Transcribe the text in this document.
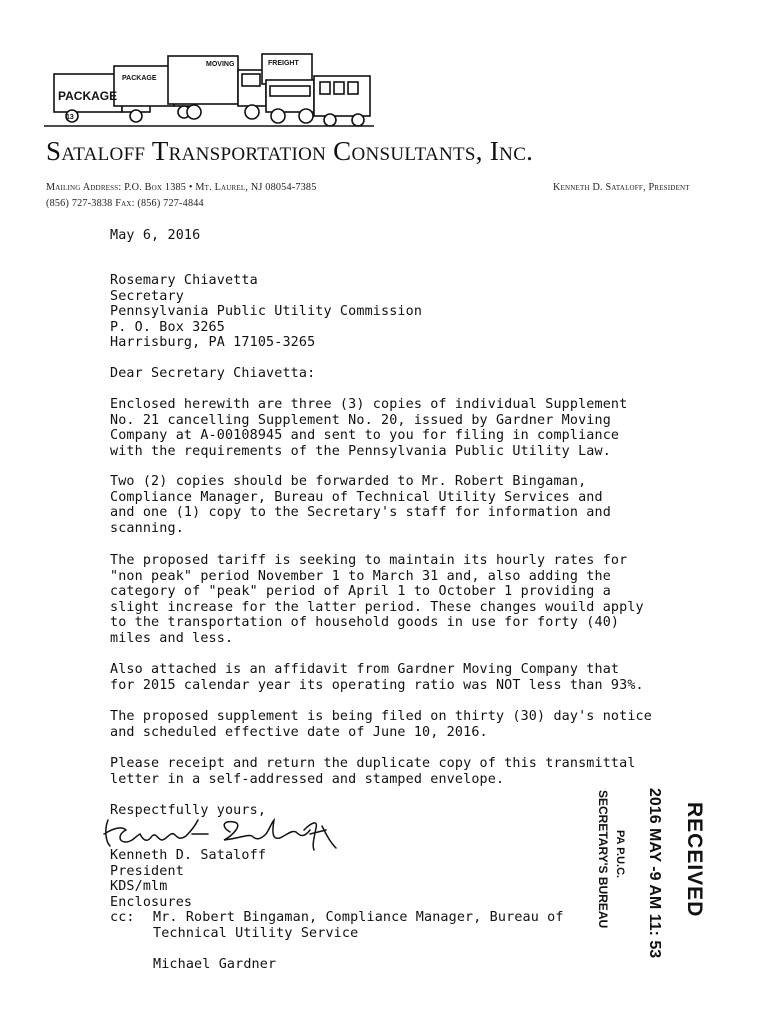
PACKAGE
PACKAGE
MOVING	FREIGHT
13
Sataloff Transportation Consultants, Inc.
Mailing Address: P.O. Box 1385 • Mt. Laurel, NJ 08054-7385
(856) 727-3838 Fax: (856) 727-4844
Kenneth D. Sataloff, President
May 6, 2016
Rosemary Chiavetta
Secretary
Pennsylvania Public Utility Commission
P. O. Box 3265
Harrisburg, PA 17105-3265
Dear Secretary Chiavetta:
Enclosed herewith are three (3) copies of individual Supplement
No. 21 cancelling Supplement No. 20, issued by Gardner Moving
Company at A-00108945 and sent to you for filing in compliance
with the requirements of the Pennsylvania Public Utility Law.
Two (2) copies should be forwarded to Mr. Robert Bingaman,
Compliance Manager, Bureau of Technical Utility Services and
and one (1) copy to the Secretary's staff for information and
scanning.
The proposed tariff is seeking to maintain its hourly rates for
"non peak" period November 1 to March 31 and, also adding the
category of "peak" period of April 1 to October 1 providing a
slight increase for the latter period. These changes wouild apply
to the transportation of household goods in use for forty (40)
miles and less.
Also attached is an affidavit from Gardner Moving Company that
for 2015 calendar year its operating ratio was NOT less than 93%.
The proposed supplement is being filed on thirty (30) day's notice
and scheduled effective date of June 10, 2016.
Please receipt and return the duplicate copy of this transmittal
letter in a self-addressed and stamped envelope.
Respectfully yours,
Kenneth D. Sataloff
President
KDS/mlm
Enclosures
cc: Mr. Robert Bingaman, Compliance Manager, Bureau of
Technical Utility Service
Michael Gardner
RECEIVED
2016 MAY -9 AM 11: 53
PA P.U.C.
SECRETARY'S BUREAU
